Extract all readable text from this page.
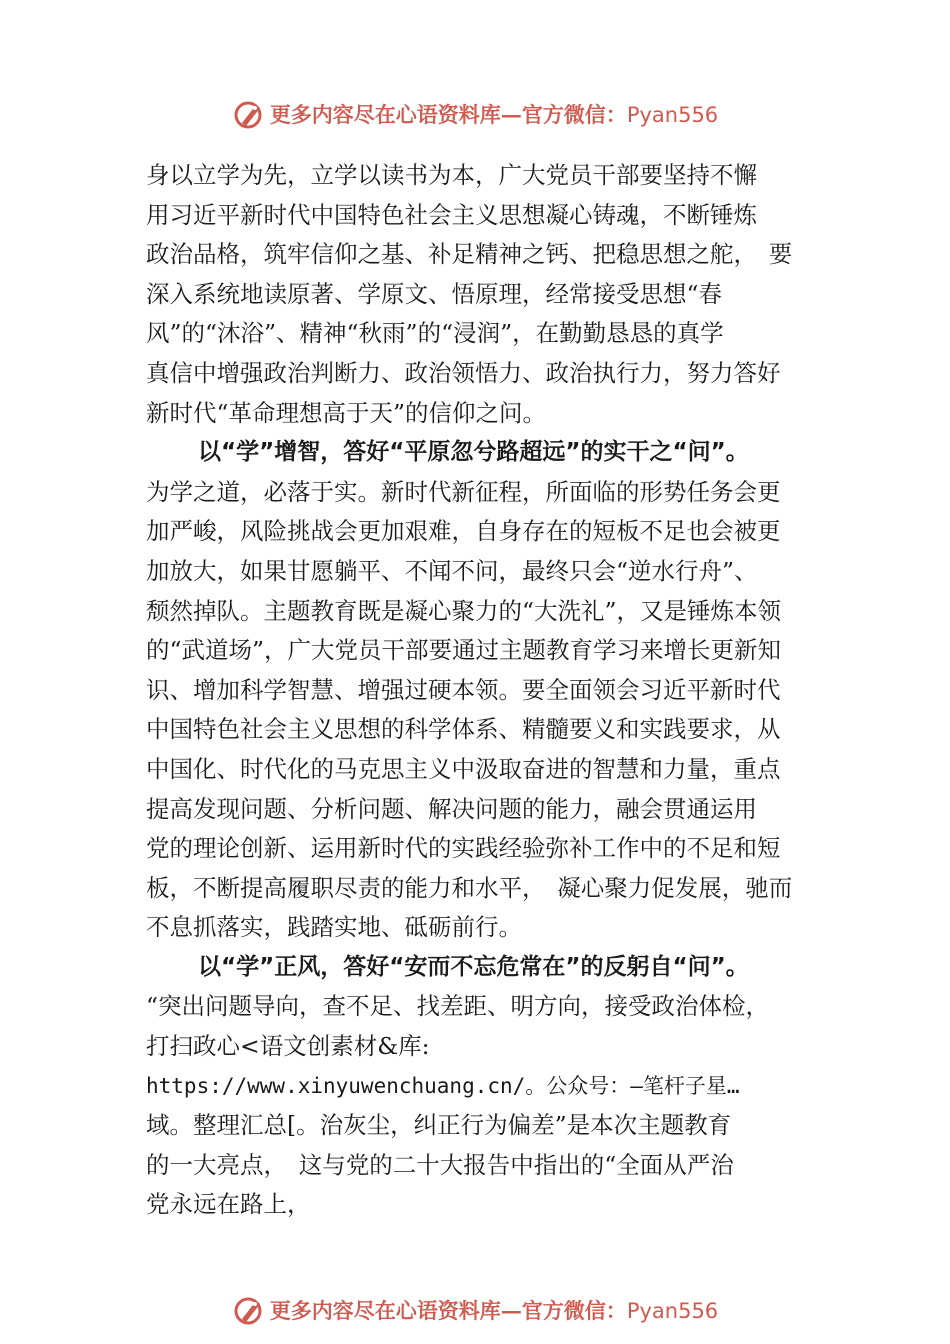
更多内容尽在心语资料库—官方微信：Pyan556
身以立学为先，立学以读书为本，广大党员干部要坚持不懈
用习近平新时代中国特色社会主义思想凝心铸魂，不断锤炼
政治品格，筑牢信仰之基、补足精神之钙、把稳思想之舵，　要
深入系统地读原著、学原文、悟原理，经常接受思想“春
风”的“沐浴”、精神“秋雨”的“浸润”，在勤勤恳恳的真学
真信中增强政治判断力、政治领悟力、政治执行力，努力答好
新时代“革命理想高于天”的信仰之问。
以“学”增智，答好“平原忽兮路超远”的实干之“问”。
为学之道，必落于实。新时代新征程，所面临的形势任务会更
加严峻，风险挑战会更加艰难，自身存在的短板不足也会被更
加放大，如果甘愿躺平、不闻不问，最终只会“逆水行舟”、
颓然掉队。主题教育既是凝心聚力的“大洗礼”，又是锤炼本领
的“武道场”，广大党员干部要通过主题教育学习来增长更新知
识、增加科学智慧、增强过硬本领。要全面领会习近平新时代
中国特色社会主义思想的科学体系、精髓要义和实践要求，从
中国化、时代化的马克思主义中汲取奋进的智慧和力量，重点
提高发现问题、分析问题、解决问题的能力，融会贯通运用
党的理论创新、运用新时代的实践经验弥补工作中的不足和短
板，不断提高履职尽责的能力和水平，　凝心聚力促发展，驰而
不息抓落实，践踏实地、砥砺前行。
以“学”正风，答好“安而不忘危常在”的反躬自“问”。
“突出问题导向，查不足、找差距、明方向，接受政治体检，
打扫政心<语文创素材&库:
https://www.xinyuwenchuang.cn/。公众号：—笔杆子星…
域。整理汇总[。治灰尘，纠正行为偏差”是本次主题教育
的一大亮点，　这与党的二十大报告中指出的“全面从严治
党永远在路上，
更多内容尽在心语资料库—官方微信：Pyan556
